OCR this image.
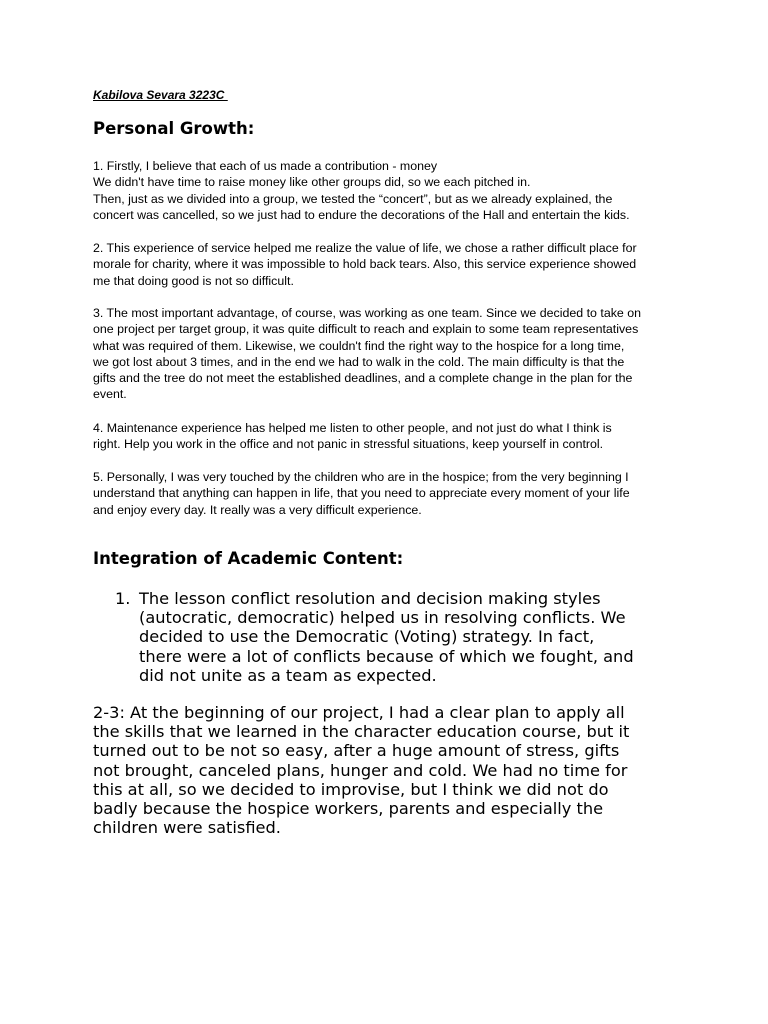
Kabilova Sevara 3223C
Personal Growth:

1. Firstly, I believe that each of us made a contribution - money
We didn't have time to raise money like other groups did, so we each pitched in.
Then, just as we divided into a group, we tested the “concert”, but as we already explained, the
concert was cancelled, so we just had to endure the decorations of the Hall and entertain the kids.

2. This experience of service helped me realize the value of life, we chose a rather difficult place for
morale for charity, where it was impossible to hold back tears. Also, this service experience showed
me that doing good is not so difficult.

3. The most important advantage, of course, was working as one team. Since we decided to take on
one project per target group, it was quite difficult to reach and explain to some team representatives
what was required of them. Likewise, we couldn't find the right way to the hospice for a long time,
we got lost about 3 times, and in the end we had to walk in the cold. The main difficulty is that the
gifts and the tree do not meet the established deadlines, and a complete change in the plan for the
event.

4. Maintenance experience has helped me listen to other people, and not just do what I think is
right. Help you work in the office and not panic in stressful situations, keep yourself in control.

5. Personally, I was very touched by the children who are in the hospice; from the very beginning I
understand that anything can happen in life, that you need to appreciate every moment of your life
and enjoy every day. It really was a very difficult experience.

Integration of Academic Content:
1. The lesson conflict resolution and decision making styles
(autocratic, democratic) helped us in resolving conflicts. We
decided to use the Democratic (Voting) strategy. In fact,
there were a lot of conflicts because of which we fought, and
did not unite as a team as expected.
2-3: At the beginning of our project, I had a clear plan to apply all
the skills that we learned in the character education course, but it
turned out to be not so easy, after a huge amount of stress, gifts
not brought, canceled plans, hunger and cold. We had no time for
this at all, so we decided to improvise, but I think we did not do
badly because the hospice workers, parents and especially the
children were satisfied.
